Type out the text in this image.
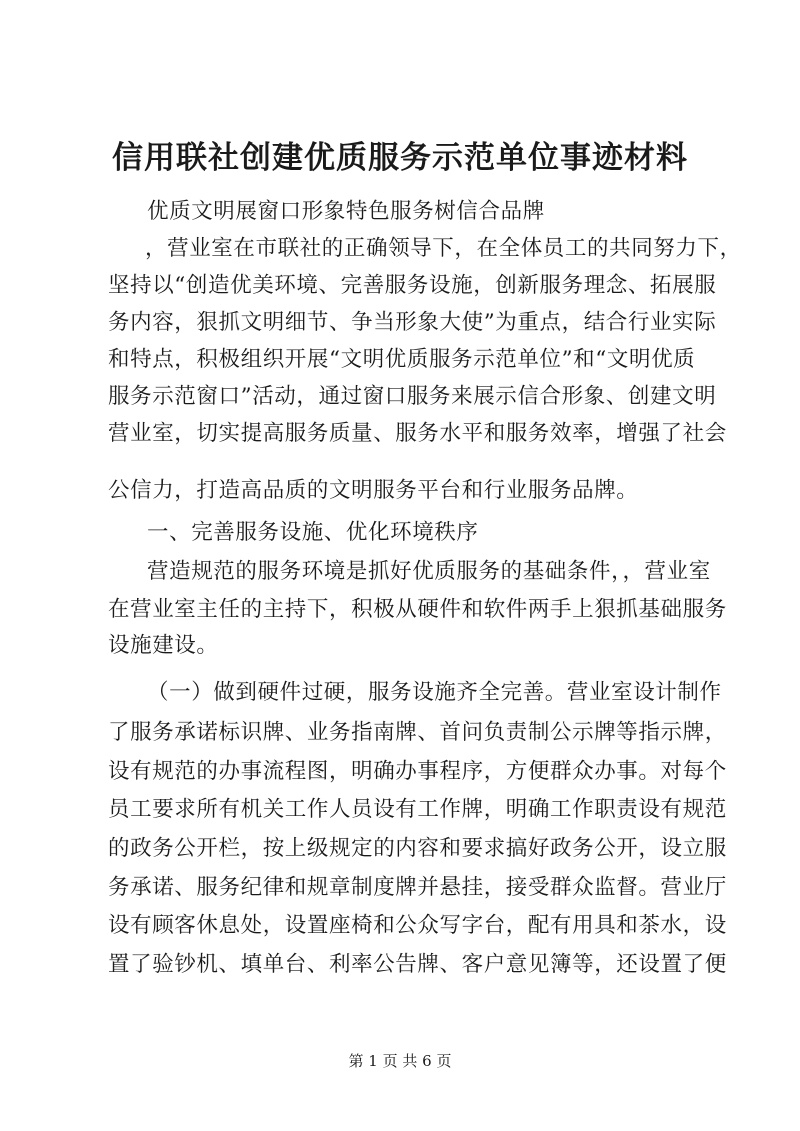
信用联社创建优质服务示范单位事迹材料
优质文明展窗口形象特色服务树信合品牌
，营业室在市联社的正确领导下，在全体员工的共同努力下，
坚持以“创造优美环境、完善服务设施，创新服务理念、拓展服
务内容，狠抓文明细节、争当形象大使”为重点，结合行业实际
和特点，积极组织开展“文明优质服务示范单位”和“文明优质
服务示范窗口”活动，通过窗口服务来展示信合形象、创建文明
营业室，切实提高服务质量、服务水平和服务效率，增强了社会
公信力，打造高品质的文明服务平台和行业服务品牌。
一、完善服务设施、优化环境秩序
营造规范的服务环境是抓好优质服务的基础条件，，营业室
在营业室主任的主持下，积极从硬件和软件两手上狠抓基础服务
设施建设。
（一）做到硬件过硬，服务设施齐全完善。营业室设计制作
了服务承诺标识牌、业务指南牌、首问负责制公示牌等指示牌，
设有规范的办事流程图，明确办事程序，方便群众办事。对每个
员工要求所有机关工作人员设有工作牌，明确工作职责设有规范
的政务公开栏，按上级规定的内容和要求搞好政务公开，设立服
务承诺、服务纪律和规章制度牌并悬挂，接受群众监督。营业厅
设有顾客休息处，设置座椅和公众写字台，配有用具和茶水，设
置了验钞机、填单台、利率公告牌、客户意见簿等，还设置了便
第 1 页 共 6 页
